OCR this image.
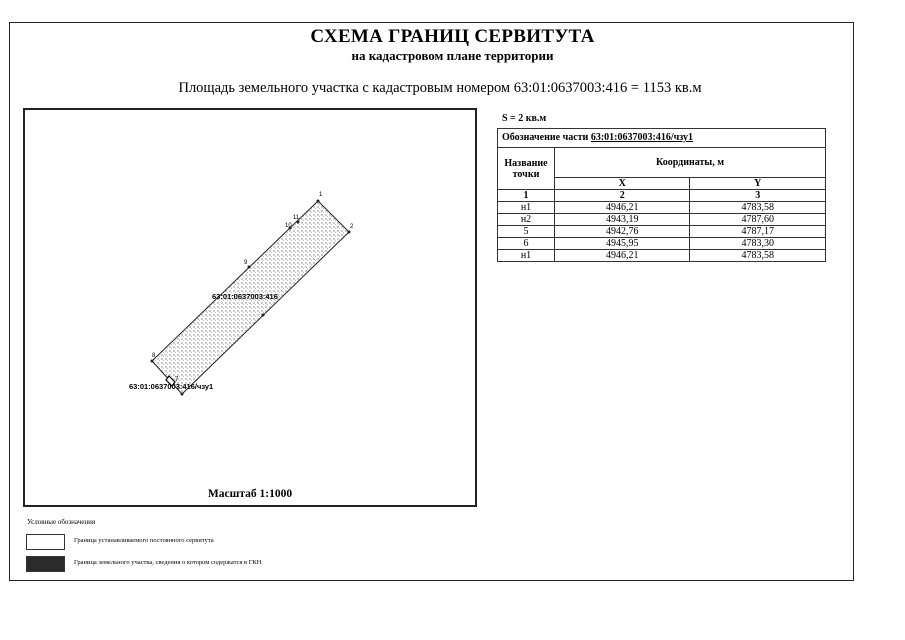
СХЕМА ГРАНИЦ СЕРВИТУТА
на кадастровом плане территории
Площадь земельного участка с кадастровым номером 63:01:0637003:416 = 1153 кв.м
1
2
10
11
9
8
7
63:01:0637003:416
63:01:0637003:416/чзу1
Масштаб 1:1000
S = 2 кв.м
Обозначение части 63:01:0637003:416/чзу1		
Название точки	Координаты, м	
	X	Y
1	2	3
н1	4946,21	4783,58
н2	4943,19	4787,60
5	4942,76	4787,17
6	4945,95	4783,30
н1	4946,21	4783,58
Условные обозначения
Граница устанавливаемого постоянного сервитута
Граница земельного участка, сведения о котором содержатся в ГКН
